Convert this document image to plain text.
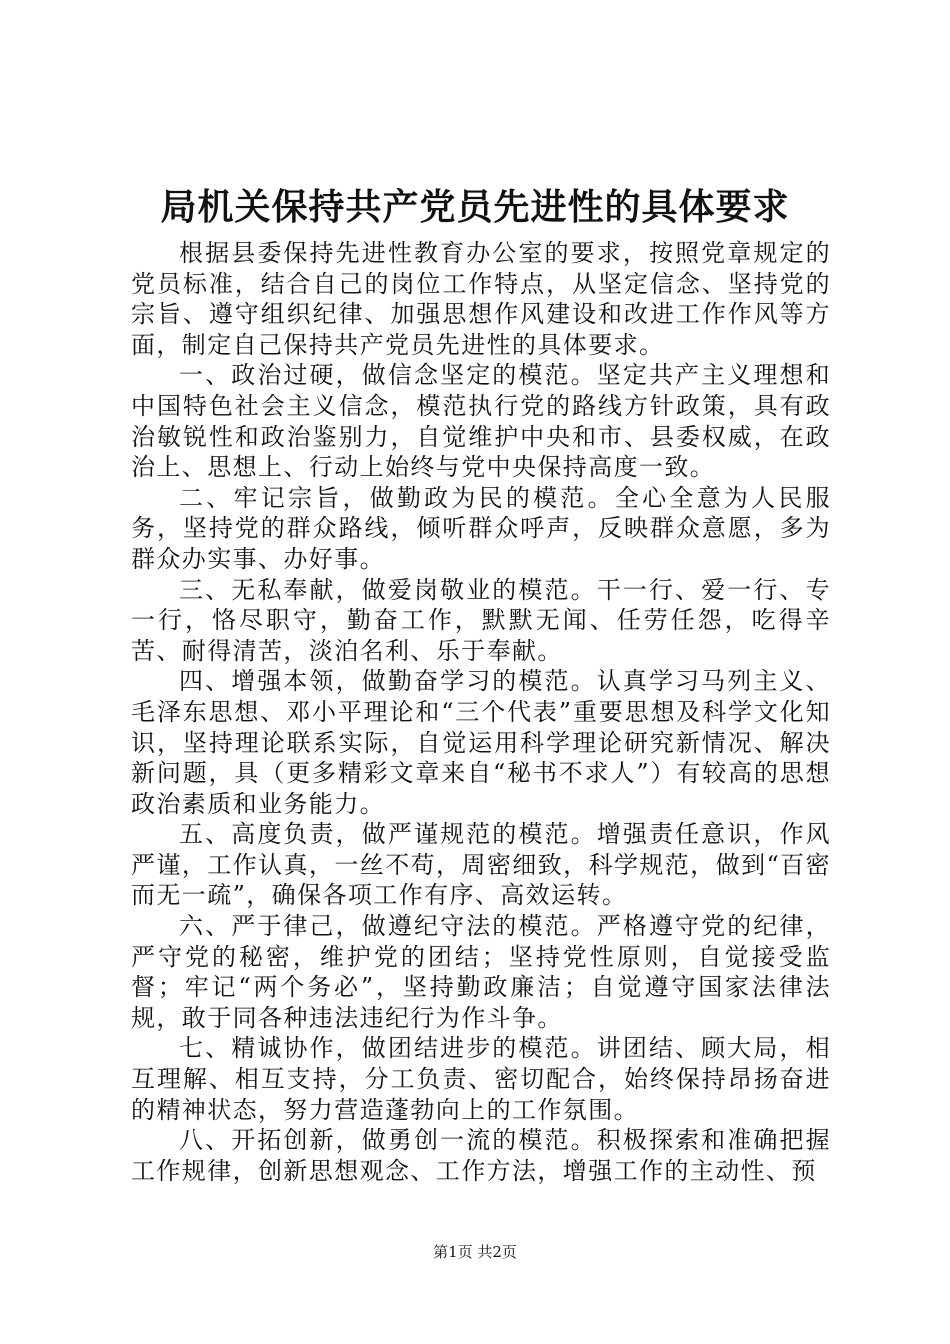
局机关保持共产党员先进性的具体要求

根据县委保持先进性教育办公室的要求，按照党章规定的党员标准，结合自己的岗位工作特点，从坚定信念、坚持党的宗旨、遵守组织纪律、加强思想作风建设和改进工作作风等方面，制定自己保持共产党员先进性的具体要求。

一、政治过硬，做信念坚定的模范。坚定共产主义理想和中国特色社会主义信念，模范执行党的路线方针政策，具有政治敏锐性和政治鉴别力，自觉维护中央和市、县委权威，在政治上、思想上、行动上始终与党中央保持高度一致。

二、牢记宗旨，做勤政为民的模范。全心全意为人民服务，坚持党的群众路线，倾听群众呼声，反映群众意愿，多为群众办实事、办好事。

三、无私奉献，做爱岗敬业的模范。干一行、爱一行、专一行，恪尽职守，勤奋工作，默默无闻、任劳任怨，吃得辛苦、耐得清苦，淡泊名利、乐于奉献。

四、增强本领，做勤奋学习的模范。认真学习马列主义、毛泽东思想、邓小平理论和“三个代表”重要思想及科学文化知识，坚持理论联系实际，自觉运用科学理论研究新情况、解决新问题，具（更多精彩文章来自“秘书不求人”）有较高的思想政治素质和业务能力。

五、高度负责，做严谨规范的模范。增强责任意识，作风严谨，工作认真，一丝不苟，周密细致，科学规范，做到“百密而无一疏”，确保各项工作有序、高效运转。

六、严于律己，做遵纪守法的模范。严格遵守党的纪律，严守党的秘密，维护党的团结；坚持党性原则，自觉接受监督；牢记“两个务必”，坚持勤政廉洁；自觉遵守国家法律法规，敢于同各种违法违纪行为作斗争。

七、精诚协作，做团结进步的模范。讲团结、顾大局，相互理解、相互支持，分工负责、密切配合，始终保持昂扬奋进的精神状态，努力营造蓬勃向上的工作氛围。

八、开拓创新，做勇创一流的模范。积极探索和准确把握工作规律，创新思想观念、工作方法，增强工作的主动性、预

第1页 共2页
